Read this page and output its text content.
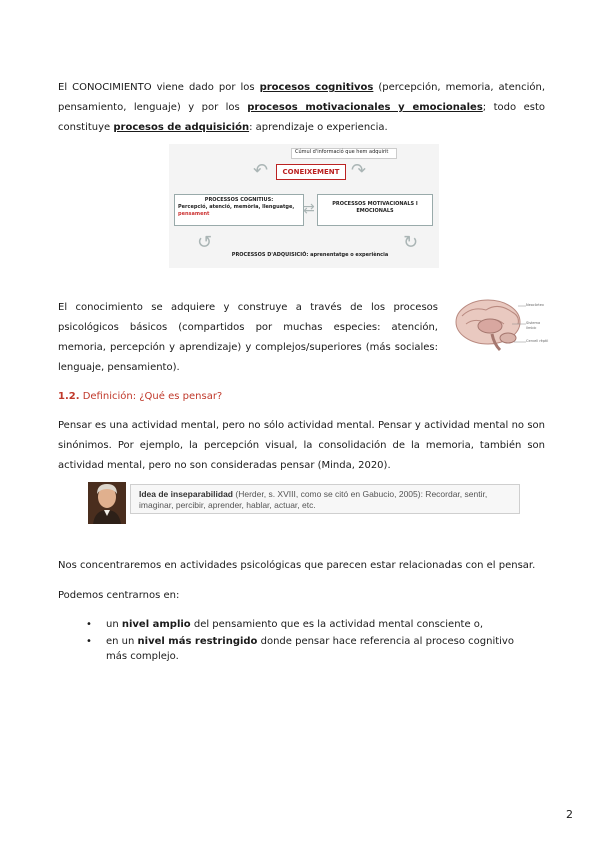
El CONOCIMIENTO viene dado por los procesos cognitivos (percepción, memoria, atención, pensamiento, lenguaje) y por los procesos motivacionales y emocionales; todo esto constituye procesos de adquisición: aprendizaje o experiencia.
Cúmul d'informació que hem adquirit
CONEIXEMENT
↶	↷
PROCESSOS COGNITIUS:
Percepció, atenció, memòria, llenguatge,
pensament	⇄	PROCESSOS MOTIVACIONALS I EMOCIONALS
↺	↻
PROCESSOS D'ADQUISICIÓ: aprenentatge o experiència
El conocimiento se adquiere y construye a través de los procesos psicológicos básicos (compartidos por muchas especies: atención, memoria, percepción y aprendizaje) y complejos/superiores (más sociales: lenguaje, pensamiento).
Neocòrtex
Sistema límbic
Cervell rèptil
1.2. Definición: ¿Qué es pensar?
Pensar es una actividad mental, pero no sólo actividad mental. Pensar y actividad mental no son sinónimos. Por ejemplo, la percepción visual, la consolidación de la memoria, también son actividad mental, pero no son consideradas pensar (Minda, 2020).
Idea de inseparabilidad (Herder, s. XVIII, como se citó en Gabucio, 2005): Recordar, sentir, imaginar, percibir, aprender, hablar, actuar, etc.
Nos concentraremos en actividades psicológicas que parecen estar relacionadas con el pensar.
Podemos centrarnos en:
• un nivel amplio del pensamiento que es la actividad mental consciente o,
• en un nivel más restringido donde pensar hace referencia al proceso cognitivo más complejo.
2
